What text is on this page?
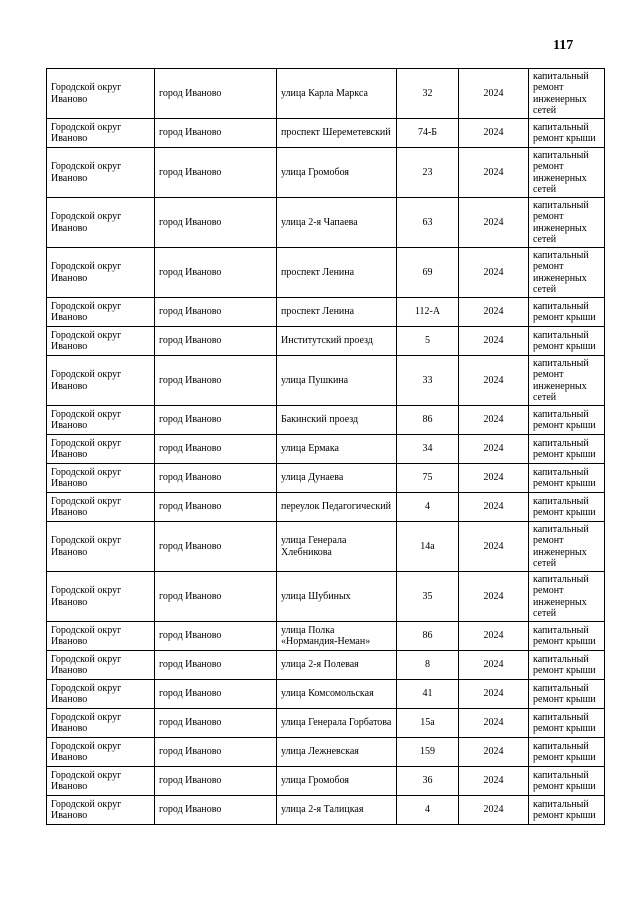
117
Городской округ Иваново	город Иваново	улица Карла Маркса	32	2024	капитальный ремонт инженерных сетей
Городской округ Иваново	город Иваново	проспект Шереметевский	74-Б	2024	капитальный ремонт крыши
Городской округ Иваново	город Иваново	улица Громобоя	23	2024	капитальный ремонт инженерных сетей
Городской округ Иваново	город Иваново	улица 2-я Чапаева	63	2024	капитальный ремонт инженерных сетей
Городской округ Иваново	город Иваново	проспект Ленина	69	2024	капитальный ремонт инженерных сетей
Городской округ Иваново	город Иваново	проспект Ленина	112-А	2024	капитальный ремонт крыши
Городской округ Иваново	город Иваново	Институтский проезд	5	2024	капитальный ремонт крыши
Городской округ Иваново	город Иваново	улица Пушкина	33	2024	капитальный ремонт инженерных сетей
Городской округ Иваново	город Иваново	Бакинский проезд	86	2024	капитальный ремонт крыши
Городской округ Иваново	город Иваново	улица Ермака	34	2024	капитальный ремонт крыши
Городской округ Иваново	город Иваново	улица Дунаева	75	2024	капитальный ремонт крыши
Городской округ Иваново	город Иваново	переулок Педагогический	4	2024	капитальный ремонт крыши
Городской округ Иваново	город Иваново	улица Генерала Хлебникова	14а	2024	капитальный ремонт инженерных сетей
Городской округ Иваново	город Иваново	улица Шубиных	35	2024	капитальный ремонт инженерных сетей
Городской округ Иваново	город Иваново	улица Полка «Нормандия-Неман»	86	2024	капитальный ремонт крыши
Городской округ Иваново	город Иваново	улица 2-я Полевая	8	2024	капитальный ремонт крыши
Городской округ Иваново	город Иваново	улица Комсомольская	41	2024	капитальный ремонт крыши
Городской округ Иваново	город Иваново	улица Генерала Горбатова	15а	2024	капитальный ремонт крыши
Городской округ Иваново	город Иваново	улица Лежневская	159	2024	капитальный ремонт крыши
Городской округ Иваново	город Иваново	улица Громобоя	36	2024	капитальный ремонт крыши
Городской округ Иваново	город Иваново	улица 2-я Талицкая	4	2024	капитальный ремонт крыши
